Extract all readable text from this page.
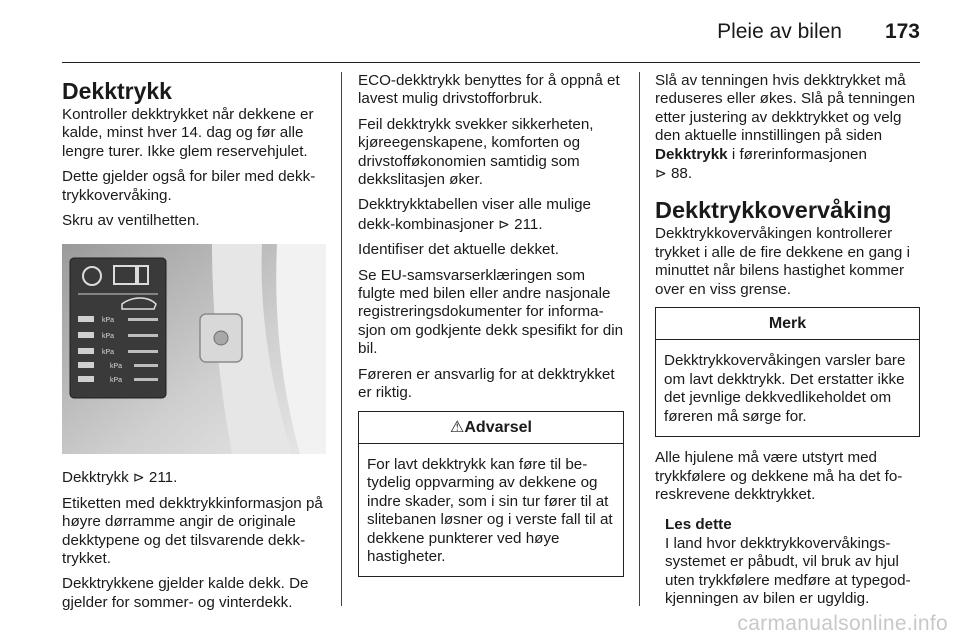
Pleie av bilen 173
Dekktrykk

Kontroller dekktrykket når dekkene er kalde, minst hver 14. dag og før alle lengre turer. Ikke glem reservehjulet.

Dette gjelder også for biler med dekktrykkovervåking.

Skru av ventilhetten.

kPa
kPa
kPa
kPa
kPa

Dekktrykk ⊳ 211.

Etiketten med dekktrykkinformasjon på høyre dørramme angir de originale dekktypene og det tilsvarende dekktrykket.

Dekktrykkene gjelder kalde dekk. De gjelder for sommer- og vinterdekk.

ECO-dekktrykk benyttes for å oppnå et lavest mulig drivstofforbruk.

Feil dekktrykk svekker sikkerheten, kjøreegenskapene, komforten og drivstofføkonomien samtidig som dekkslitasjen øker.

Dekktrykktabellen viser alle mulige dekk-kombinasjoner ⊳ 211.

Identifiser det aktuelle dekket.

Se EU-samsvarserklæringen som fulgte med bilen eller andre nasjonale registreringsdokumenter for informasjon om godkjente dekk spesifikt for din bil.

Føreren er ansvarlig for at dekktrykket er riktig.

⚠Advarsel
For lavt dekktrykk kan føre til betydelig oppvarming av dekkene og indre skader, som i sin tur fører til at slitebanen løsner og i verste fall til at dekkene punkterer ved høye hastigheter.

Slå av tenningen hvis dekktrykket må reduseres eller økes. Slå på tenningen etter justering av dekktrykket og velg den aktuelle innstillingen på siden Dekktrykk i førerinformasjonen
⊳ 88.

Dekktrykkovervåking

Dekktrykkovervåkingen kontrollerer trykket i alle de fire dekkene en gang i minuttet når bilens hastighet kommer over en viss grense.

Merk
Dekktrykkovervåkingen varsler bare om lavt dekktrykk. Det erstatter ikke det jevnlige dekkvedlikeholdet om føreren må sørge for.

Alle hjulene må være utstyrt med trykkfølere og dekkene må ha det foreskrevene dekktrykket.

Les dette
I land hvor dekktrykkovervåkingssystemet er påbudt, vil bruk av hjul uten trykkfølere medføre at typegodkjenningen av bilen er ugyldig.
carmanualsonline.info
